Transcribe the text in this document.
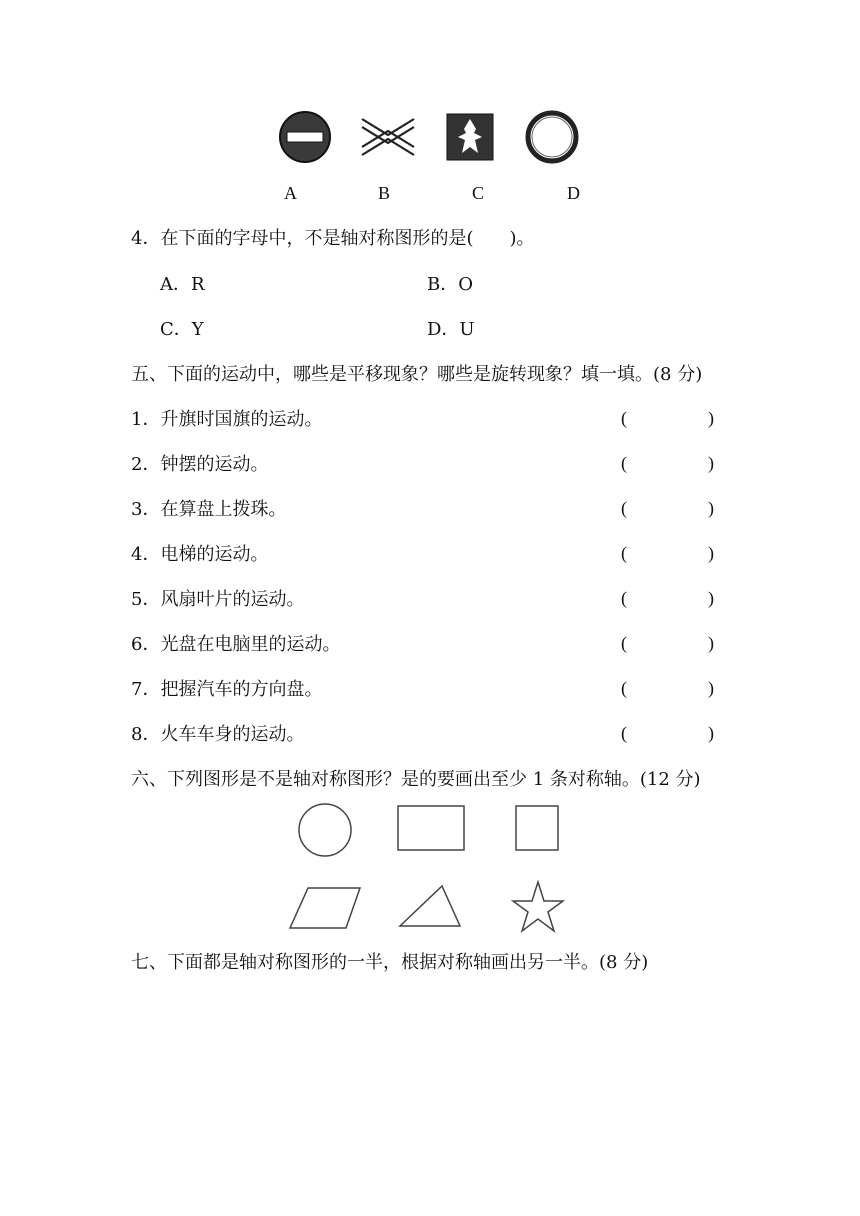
A	B	C	D
4．在下面的字母中，不是轴对称图形的是(　　)。
A．R	B．O
C．Y	D．U
五、下面的运动中，哪些是平移现象？哪些是旋转现象？填一填。(8 分)
1．升旗时国旗的运动。	(	)
2．钟摆的运动。	(	)
3．在算盘上拨珠。	(	)
4．电梯的运动。	(	)
5．风扇叶片的运动。	(	)
6．光盘在电脑里的运动。	(	)
7．把握汽车的方向盘。	(	)
8．火车车身的运动。	(	)
六、下列图形是不是轴对称图形？是的要画出至少 1 条对称轴。(12 分)
七、下面都是轴对称图形的一半，根据对称轴画出另一半。(8 分)
